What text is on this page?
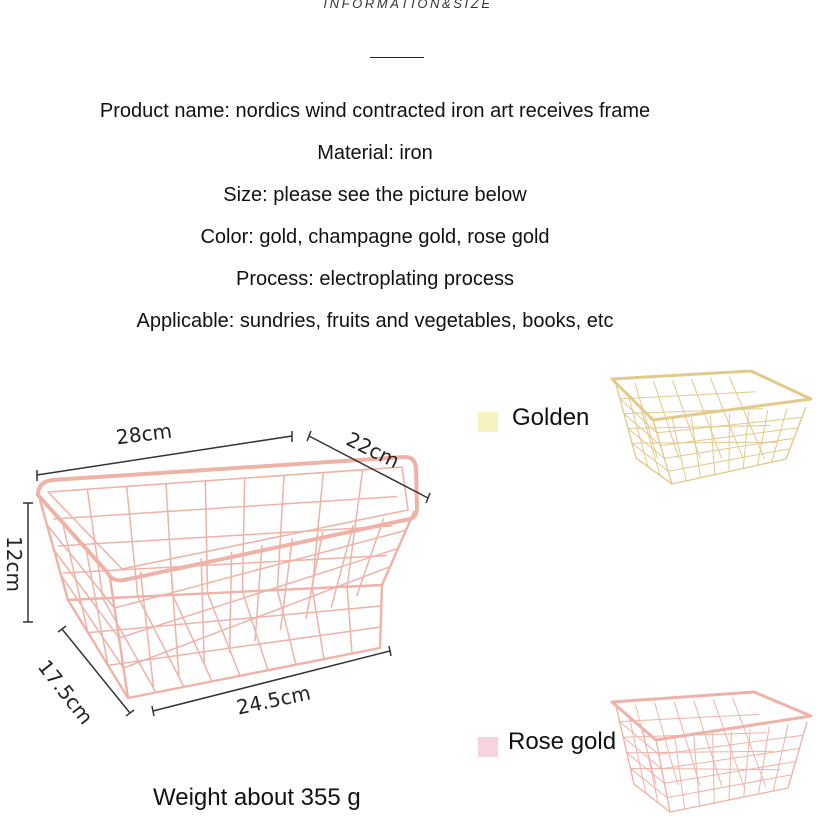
INFORMATION&SIZE
Product name: nordics wind contracted iron art receives frame
Material: iron
Size: please see the picture below
Color: gold, champagne gold, rose gold
Process: electroplating process
Applicable: sundries, fruits and vegetables, books, etc
28cm	22cm
12cm
17.5cm	24.5cm
Golden
Rose gold
Weight about 355 g
